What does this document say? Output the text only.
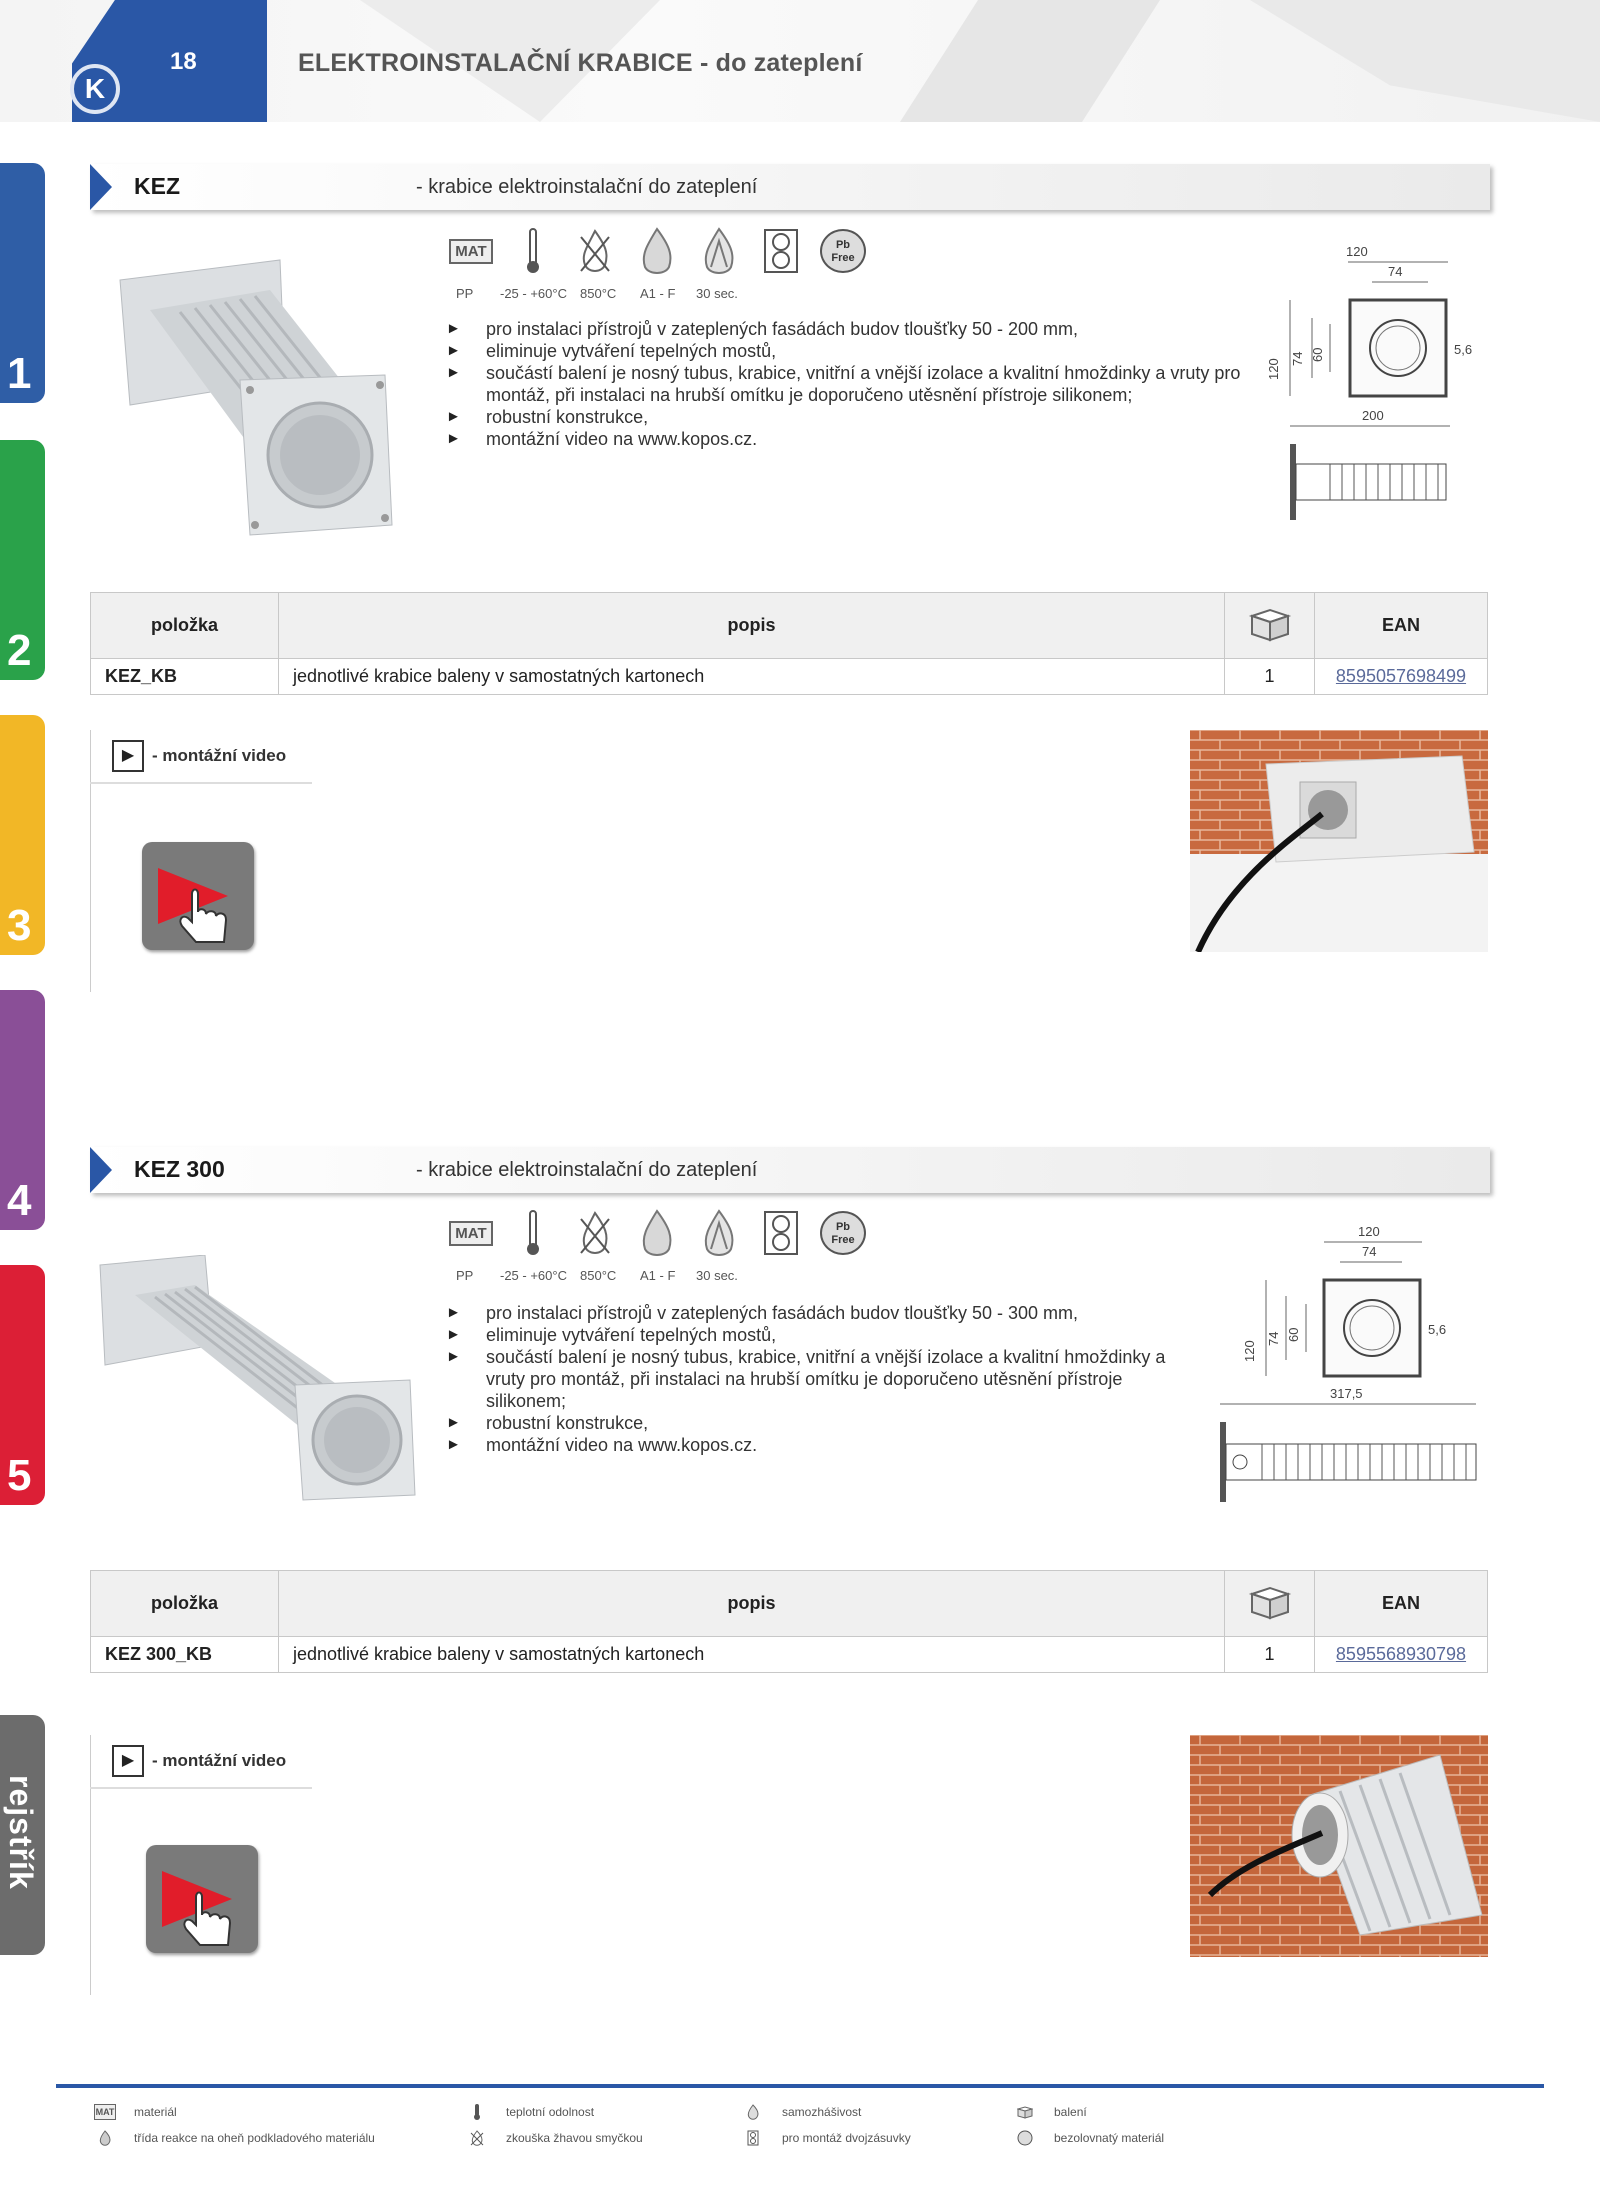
K
18	ELEKTROINSTALAČNÍ KRABICE - do zateplení
1
2
3
4
5
rejstřík
KEZ	- krabice elektroinstalační do zateplení
MAT	Pb
Free
PP -25 - +60°C 850°C A1 - F 30 sec.
► pro instalaci přístrojů v zateplených fasádách budov tloušťky 50 - 200 mm,
► eliminuje vytváření tepelných mostů,
► součástí balení je nosný tubus, krabice, vnitřní a vnější izolace a kvalitní hmoždinky a vruty pro montáž, při instalaci na hrubší omítku je doporučeno utěsnění přístroje silikonem;
► robustní konstrukce,
► montážní video na www.kopos.cz.
120
74
120 74 60	5,6
200
položka	popis		EAN
KEZ_KB	jednotlivé krabice baleny v samostatných kartonech	1	8595057698499
▶	- montážní video
KEZ 300	- krabice elektroinstalační do zateplení
MAT	Pb
Free
PP -25 - +60°C 850°C A1 - F 30 sec.
► pro instalaci přístrojů v zateplených fasádách budov tloušťky 50 - 300 mm,
► eliminuje vytváření tepelných mostů,
► součástí balení je nosný tubus, krabice, vnitřní a vnější izolace a kvalitní hmoždinky a vruty pro montáž, při instalaci na hrubší omítku je doporučeno utěsnění přístroje silikonem;
► robustní konstrukce,
► montážní video na www.kopos.cz.
120
74
120
74 60	5,6
317,5
položka	popis		EAN
KEZ 300_KB	jednotlivé krabice baleny v samostatných kartonech	1	8595568930798
▶	- montážní video
MAT materiál
třída reakce na oheň podkladového materiálu
teplotní odolnost
zkouška žhavou smyčkou
samozhášivost
pro montáž dvojzásuvky
balení
bezolovnatý materiál
